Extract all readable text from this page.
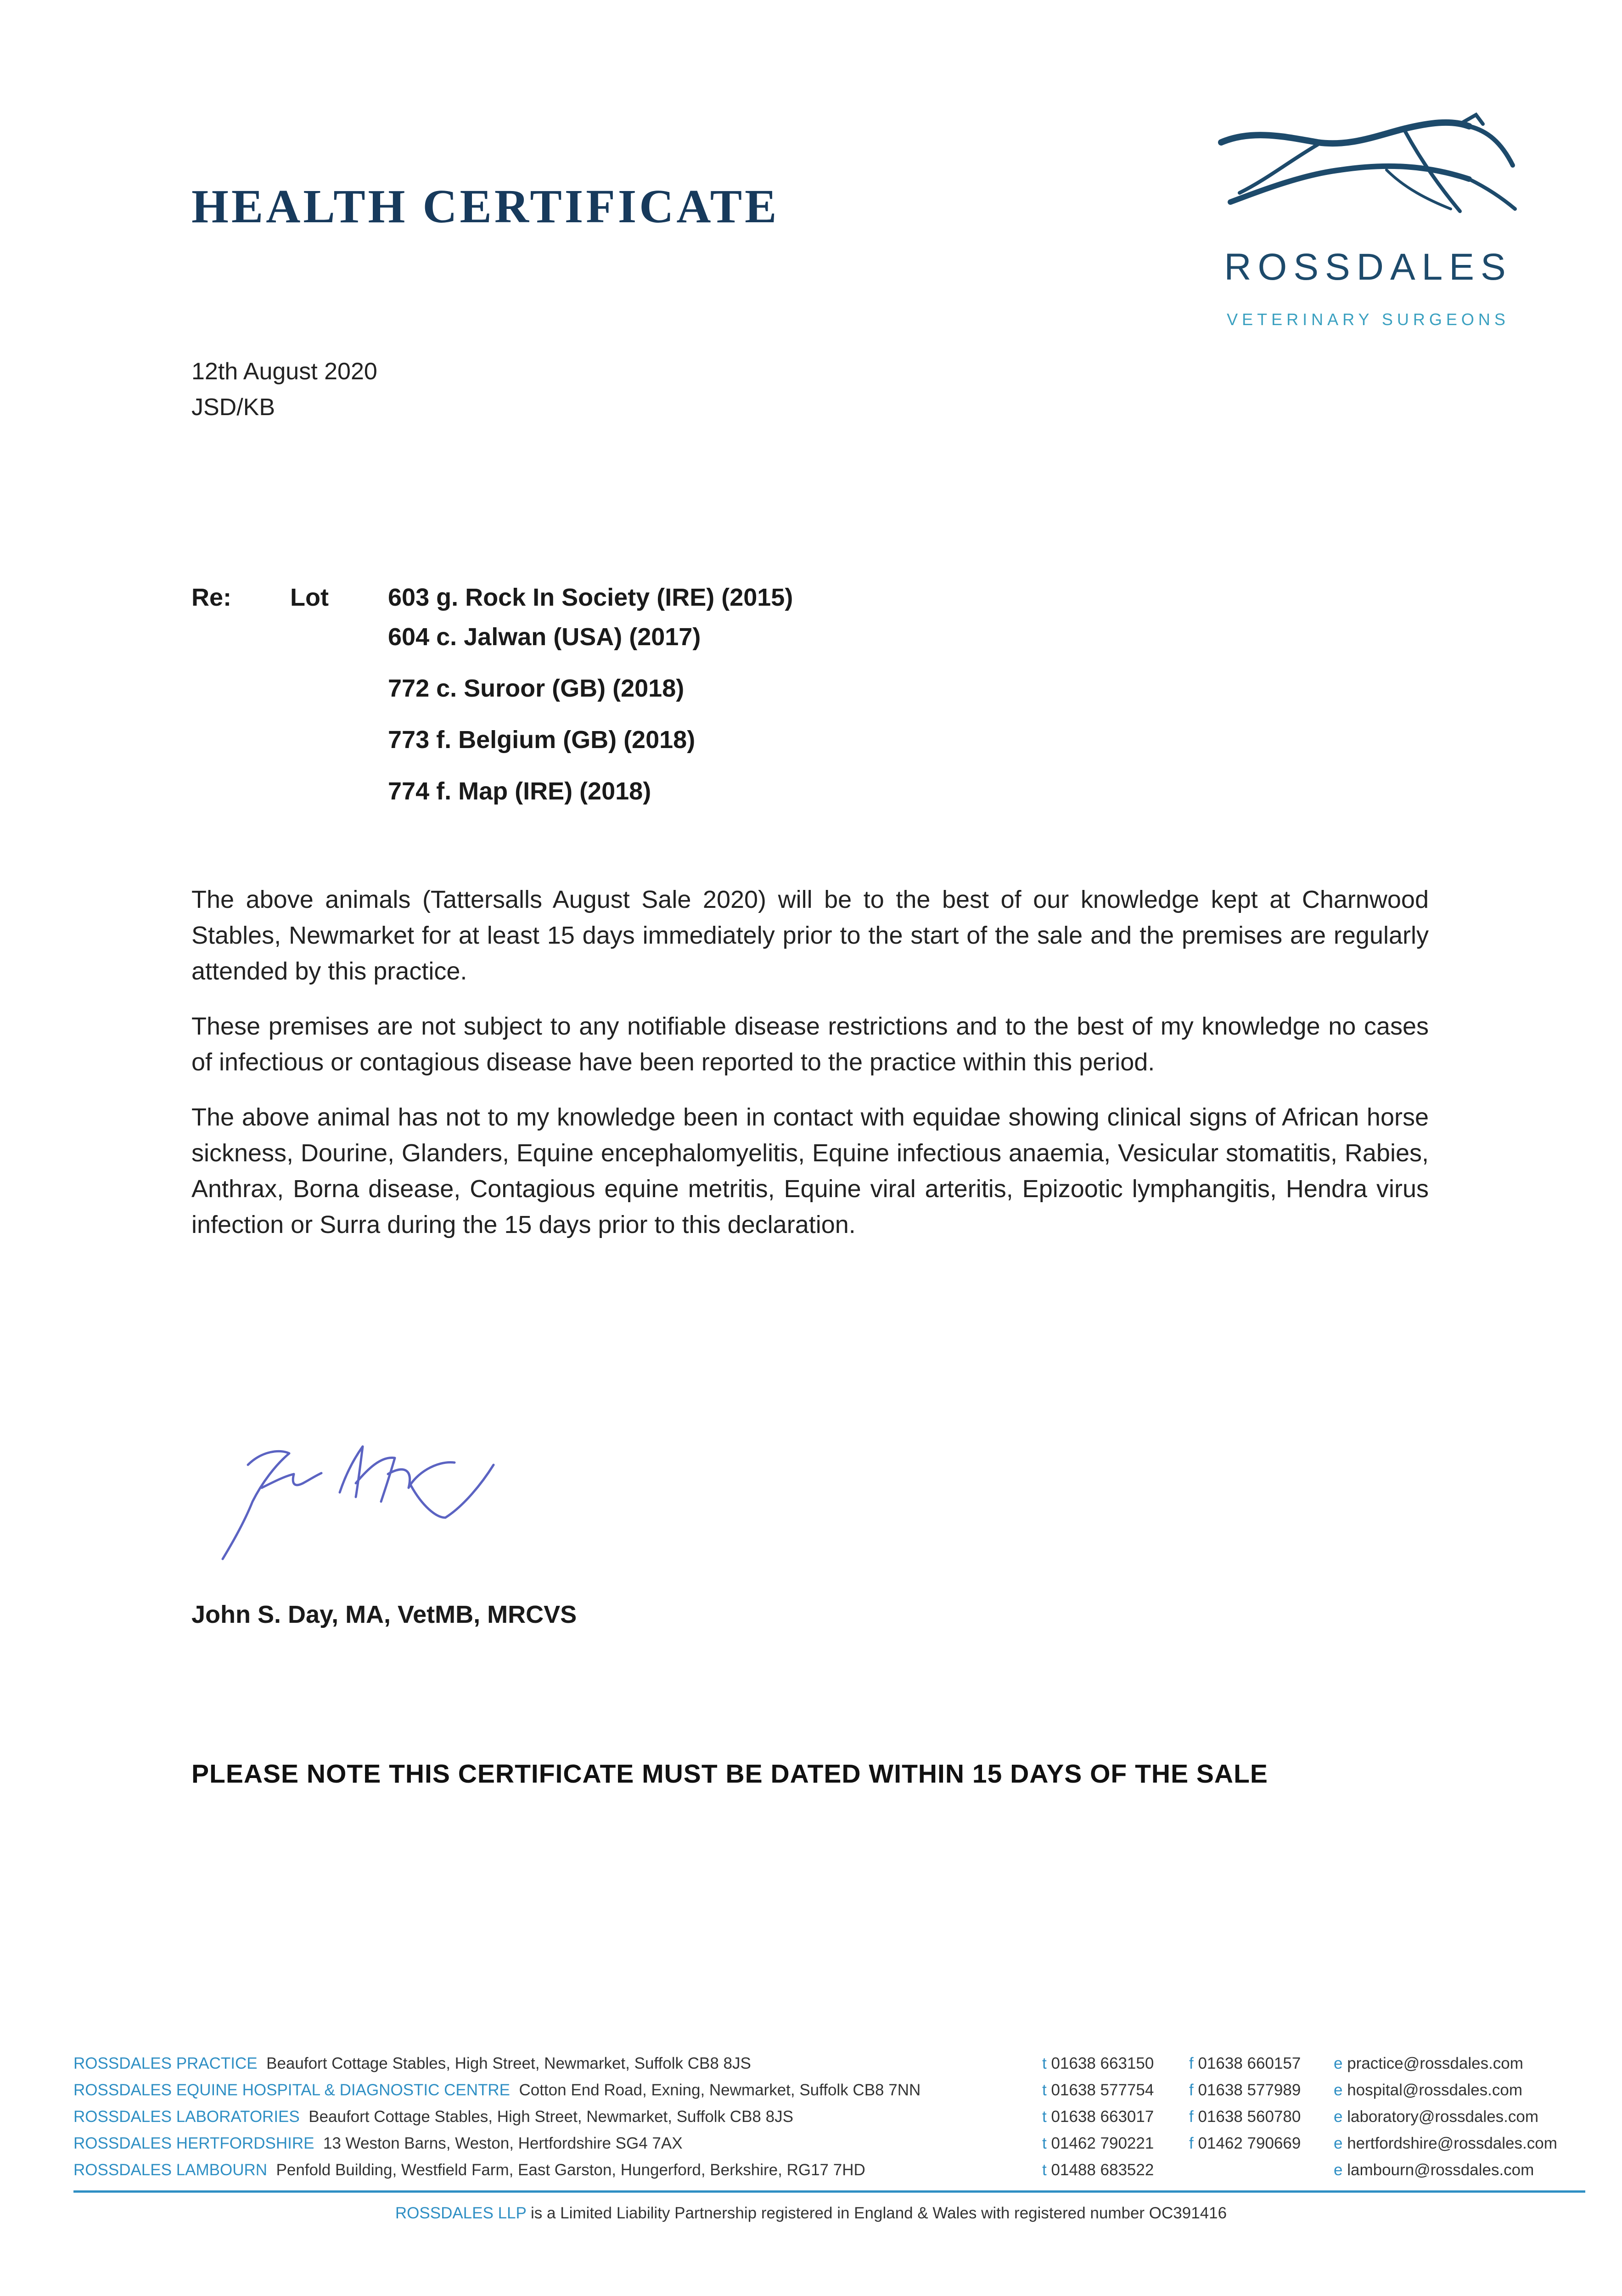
HEALTH CERTIFICATE
ROSSDALES
VETERINARY SURGEONS
12th August 2020
JSD/KB
Re: Lot 603 g. Rock In Society (IRE) (2015)
604 c. Jalwan (USA) (2017)
772 c. Suroor (GB) (2018)
773 f. Belgium (GB) (2018)
774 f. Map (IRE) (2018)

The above animals (Tattersalls August Sale 2020) will be to the best of our knowledge kept at Charnwood Stables, Newmarket for at least 15 days immediately prior to the start of the sale and the premises are regularly attended by this practice.

These premises are not subject to any notifiable disease restrictions and to the best of my knowledge no cases of infectious or contagious disease have been reported to the practice within this period.

The above animal has not to my knowledge been in contact with equidae showing clinical signs of African horse sickness, Dourine, Glanders, Equine encephalomyelitis, Equine infectious anaemia, Vesicular stomatitis, Rabies, Anthrax, Borna disease, Contagious equine metritis, Equine viral arteritis, Epizootic lymphangitis, Hendra virus infection or Surra during the 15 days prior to this declaration.

John S. Day, MA, VetMB, MRCVS
PLEASE NOTE THIS CERTIFICATE MUST BE DATED WITHIN 15 DAYS OF THE SALE
ROSSDALES PRACTICE Beaufort Cottage Stables, High Street, Newmarket, Suffolk CB8 8JS	t 01638 663150 f 01638 660157 e practice@rossdales.com
ROSSDALES EQUINE HOSPITAL & DIAGNOSTIC CENTRE Cotton End Road, Exning, Newmarket, Suffolk CB8 7NN	t 01638 577754 f 01638 577989 e hospital@rossdales.com
ROSSDALES LABORATORIES Beaufort Cottage Stables, High Street, Newmarket, Suffolk CB8 8JS	t 01638 663017 f 01638 560780 e laboratory@rossdales.com
ROSSDALES HERTFORDSHIRE 13 Weston Barns, Weston, Hertfordshire SG4 7AX	t 01462 790221 f 01462 790669 e hertfordshire@rossdales.com
ROSSDALES LAMBOURN Penfold Building, Westfield Farm, East Garston, Hungerford, Berkshire, RG17 7HD	t 01488 683522	e lambourn@rossdales.com
ROSSDALES LLP is a Limited Liability Partnership registered in England & Wales with registered number OC391416
